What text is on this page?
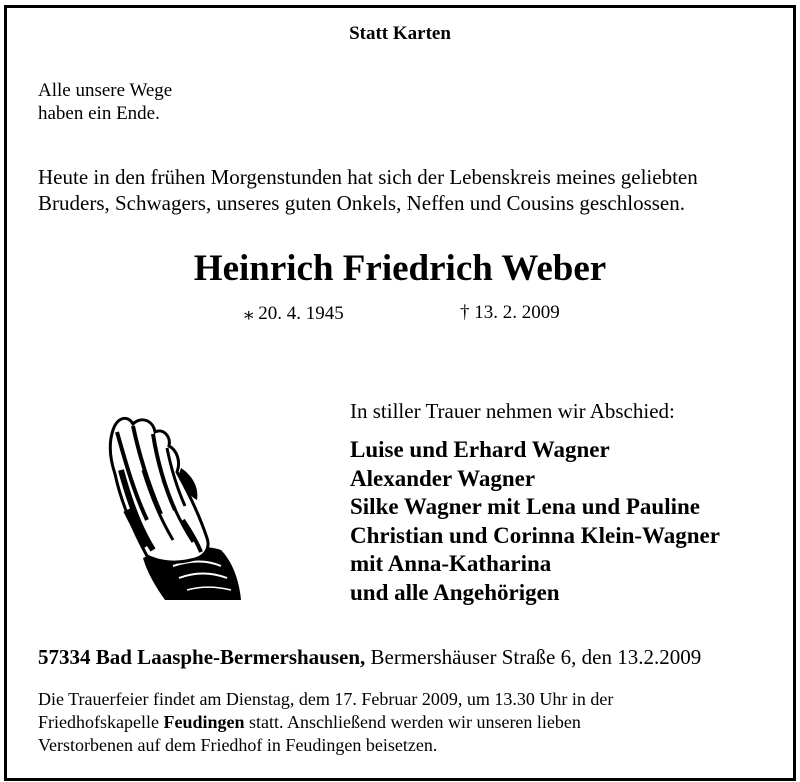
Statt Karten
Alle unsere Wege
haben ein Ende.
Heute in den frühen Morgenstunden hat sich der Lebenskreis meines geliebten
Bruders, Schwagers, unseres guten Onkels, Neffen und Cousins geschlossen.
Heinrich Friedrich Weber
⁎ 20. 4. 1945	† 13. 2. 2009
In stiller Trauer nehmen wir Abschied:
Luise und Erhard Wagner
Alexander Wagner
Silke Wagner mit Lena und Pauline
Christian und Corinna Klein-Wagner
mit Anna-Katharina
und alle Angehörigen
57334 Bad Laasphe-Bermershausen, Bermershäuser Straße 6, den 13.2.2009
Die Trauerfeier findet am Dienstag, dem 17. Februar 2009, um 13.30 Uhr in der
Friedhofskapelle Feudingen statt. Anschließend werden wir unseren lieben
Verstorbenen auf dem Friedhof in Feudingen beisetzen.
